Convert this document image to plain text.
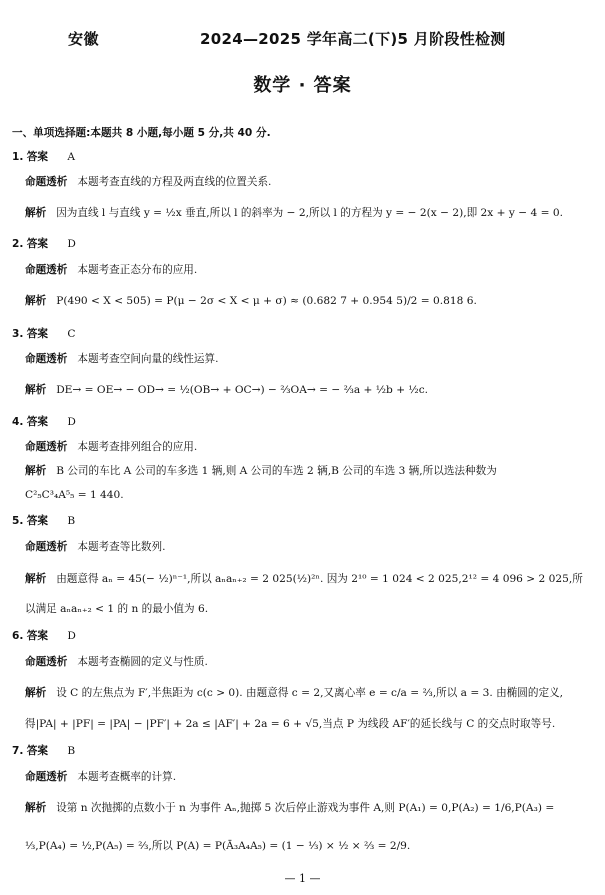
安徽	2024—2025 学年高二(下)5 月阶段性检测
数学 · 答案
一、单项选择题:本题共 8 小题,每小题 5 分,共 40 分.
1. 答案 A
命题透析 本题考查直线的方程及两直线的位置关系.
解析 因为直线 l 与直线 y = ½x 垂直,所以 l 的斜率为 − 2,所以 l 的方程为 y = − 2(x − 2),即 2x + y − 4 = 0.
2. 答案 D
命题透析 本题考查正态分布的应用.
解析 P(490 < X < 505) = P(μ − 2σ < X < μ + σ) ≈ (0.682 7 + 0.954 5)/2 = 0.818 6.
3. 答案 C
命题透析 本题考查空间向量的线性运算.
解析 DE→ = OE→ − OD→ = ½(OB→ + OC→) − ⅔OA→ = − ⅔a + ½b + ½c.
4. 答案 D
命题透析 本题考查排列组合的应用.
解析 B 公司的车比 A 公司的车多选 1 辆,则 A 公司的车选 2 辆,B 公司的车选 3 辆,所以选法种数为
C²₅C³₄A⁵₅ = 1 440.
5. 答案 B
命题透析 本题考查等比数列.
解析 由题意得 aₙ = 45(− ½)ⁿ⁻¹,所以 aₙaₙ₊₂ = 2 025(½)²ⁿ. 因为 2¹⁰ = 1 024 < 2 025,2¹² = 4 096 > 2 025,所
以满足 aₙaₙ₊₂ < 1 的 n 的最小值为 6.
6. 答案 D
命题透析 本题考查椭圆的定义与性质.
解析 设 C 的左焦点为 F′,半焦距为 c(c > 0). 由题意得 c = 2,又离心率 e = c/a = ⅔,所以 a = 3. 由椭圆的定义,
得|PA| + |PF| = |PA| − |PF′| + 2a ≤ |AF′| + 2a = 6 + √5,当点 P 为线段 AF′的延长线与 C 的交点时取等号.
7. 答案 B
命题透析 本题考查概率的计算.
解析 设第 n 次抛掷的点数小于 n 为事件 Aₙ,抛掷 5 次后停止游戏为事件 A,则 P(A₁) = 0,P(A₂) = 1/6,P(A₃) =
⅓,P(A₄) = ½,P(A₅) = ⅔,所以 P(A) = P(Ā₃A₄A₅) = (1 − ⅓) × ½ × ⅔ = 2/9.
— 1 —
